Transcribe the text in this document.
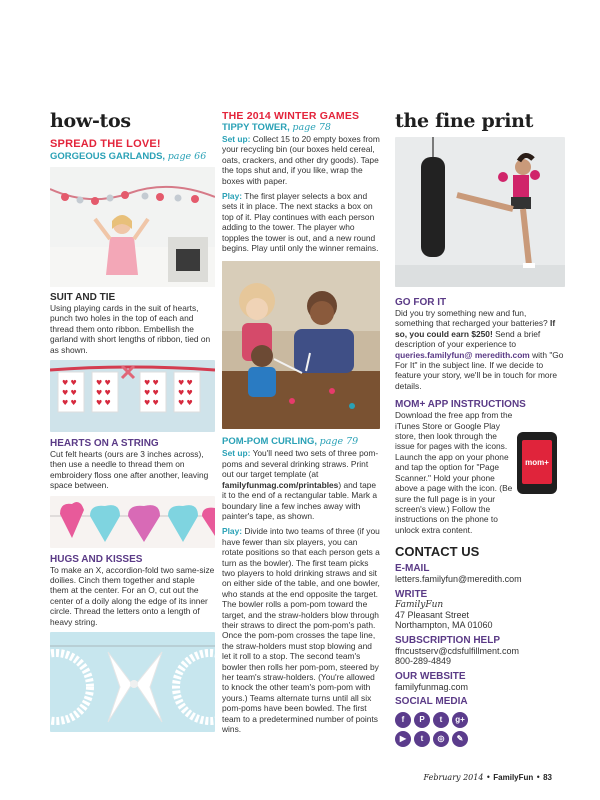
how-tos
SPREAD THE LOVE!
GORGEOUS GARLANDS, page 66
SUIT AND TIE

Using playing cards in the suit of hearts, punch two holes in the top of each and thread them onto ribbon. Embellish the garland with short lengths of ribbon, tied on as shown.

♥ ♥
♥ ♥
♥ ♥
♥ ♥
♥ ♥
♥ ♥
♥ ♥
♥ ♥
♥ ♥
♥ ♥
♥ ♥
♥ ♥
HEARTS ON A STRING

Cut felt hearts (ours are 3 inches across), then use a needle to thread them on embroidery floss one after another, leaving space between.

HUGS AND KISSES

To make an X, accordion-fold two same-size doilies. Cinch them together and staple them at the center. For an O, cut out the center of a doily along the edge of its inner circle. Thread the letters onto a length of heavy string.

THE 2014 WINTER GAMES
TIPPY TOWER, page 78

Set up: Collect 15 to 20 empty boxes from your recycling bin (our boxes held cereal, oats, crackers, and other dry goods). Tape the tops shut and, if you like, wrap the boxes with paper.

Play: The first player selects a box and sets it in place. The next stacks a box on top of it. Play continues with each person adding to the tower. The player who topples the tower is out, and a new round begins. Play until only the winner remains.

POM-POM CURLING, page 79

Set up: You'll need two sets of three pom-poms and several drinking straws. Print out our target template (at familyfunmag.com/printables) and tape it to the end of a rectangular table. Mark a boundary line a few inches away with painter's tape, as shown.

Play: Divide into two teams of three (if you have fewer than six players, you can rotate positions so that each person gets a turn as the bowler). The first team picks two players to hold drinking straws and sit on either side of the table, and one bowler, who stands at the end opposite the target. The bowler rolls a pom-pom toward the target, and the straw-holders blow through their straws to direct the pom-pom's path. Once the pom-pom crosses the tape line, the straw-holders must stop blowing and let it roll to a stop. The second team's bowler then rolls her pom-pom, steered by her team's straw-holders. (You're allowed to knock the other team's pom-pom with yours.) Teams alternate turns until all six pom-poms have been bowled. The first team to a predetermined number of points wins.

the fine print
GO FOR IT

Did you try something new and fun, something that recharged your batteries? If so, you could earn $250! Send a brief description of your experience to queries.familyfun@ meredith.com with "Go For It" in the subject line. If we decide to feature your story, we'll be in touch for more details.

MOM+ APP INSTRUCTIONS

Download the free app from the iTunes Store or Google Play store, then look through the issue for pages with the icons. Launch the app on your phone and tap the option for "Page Scanner." Hold your phone above a page with the icon. (Be sure the full page is in your screen's view.) Follow the instructions on the phone to unlock extra content.

mom+
CONTACT US
E-MAIL

letters.familyfun@meredith.com

WRITE

FamilyFun

47 Pleasant Street

Northampton, MA 01060

SUBSCRIPTION HELP

ffncustserv@cdsfulfillment.com

800-289-4849

OUR WEBSITE

familyfunmag.com

SOCIAL MEDIA
f	P	t	g+
▶	t	◎	✎
February 2014 • FamilyFun • 83
